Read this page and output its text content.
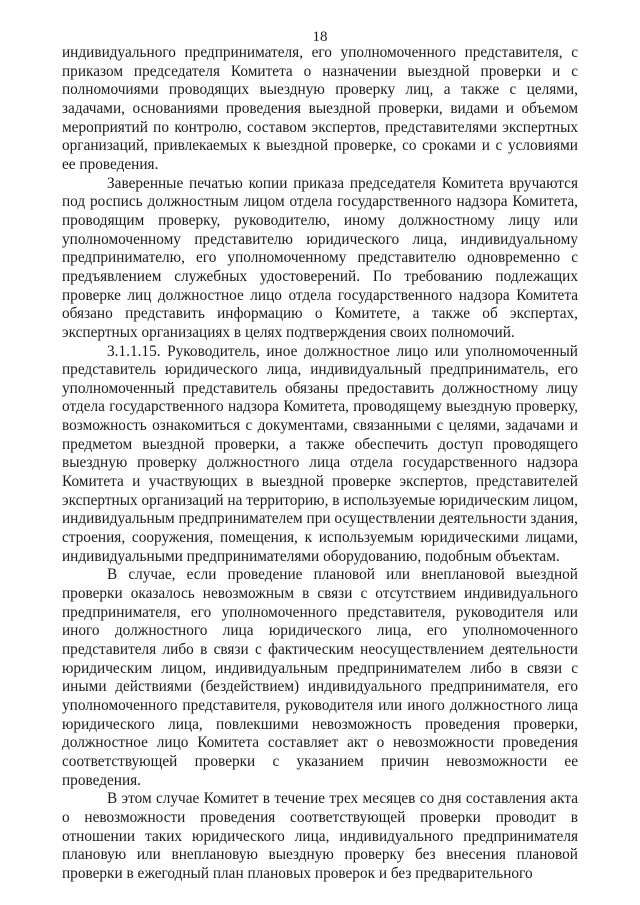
18

индивидуального предпринимателя, его уполномоченного представителя, с приказом председателя Комитета о назначении выездной проверки и с полномочиями проводящих выездную проверку лиц, а также с целями, задачами, основаниями проведения выездной проверки, видами и объемом мероприятий по контролю, составом экспертов, представителями экспертных организаций, привлекаемых к выездной проверке, со сроками и с условиями ее проведения.

Заверенные печатью копии приказа председателя Комитета вручаются под роспись должностным лицом отдела государственного надзора Комитета, проводящим проверку, руководителю, иному должностному лицу или уполномоченному представителю юридического лица, индивидуальному предпринимателю, его уполномоченному представителю одновременно с предъявлением служебных удостоверений. По требованию подлежащих проверке лиц должностное лицо отдела государственного надзора Комитета обязано представить информацию о Комитете, а также об экспертах, экспертных организациях в целях подтверждения своих полномочий.

3.1.1.15. Руководитель, иное должностное лицо или уполномоченный представитель юридического лица, индивидуальный предприниматель, его уполномоченный представитель обязаны предоставить должностному лицу отдела государственного надзора Комитета, проводящему выездную проверку, возможность ознакомиться с документами, связанными с целями, задачами и предметом выездной проверки, а также обеспечить доступ проводящего выездную проверку должностного лица отдела государственного надзора Комитета и участвующих в выездной проверке экспертов, представителей экспертных организаций на территорию, в используемые юридическим лицом, индивидуальным предпринимателем при осуществлении деятельности здания, строения, сооружения, помещения, к используемым юридическими лицами, индивидуальными предпринимателями оборудованию, подобным объектам.

В случае, если проведение плановой или внеплановой выездной проверки оказалось невозможным в связи с отсутствием индивидуального предпринимателя, его уполномоченного представителя, руководителя или иного должностного лица юридического лица, его уполномоченного представителя либо в связи с фактическим неосуществлением деятельности юридическим лицом, индивидуальным предпринимателем либо в связи с иными действиями (бездействием) индивидуального предпринимателя, его уполномоченного представителя, руководителя или иного должностного лица юридического лица, повлекшими невозможность проведения проверки, должностное лицо Комитета составляет акт о невозможности проведения соответствующей проверки с указанием причин невозможности ее проведения.

В этом случае Комитет в течение трех месяцев со дня составления акта о невозможности проведения соответствующей проверки проводит в отношении таких юридического лица, индивидуального предпринимателя плановую или внеплановую выездную проверку без внесения плановой проверки в ежегодный план плановых проверок и без предварительного
